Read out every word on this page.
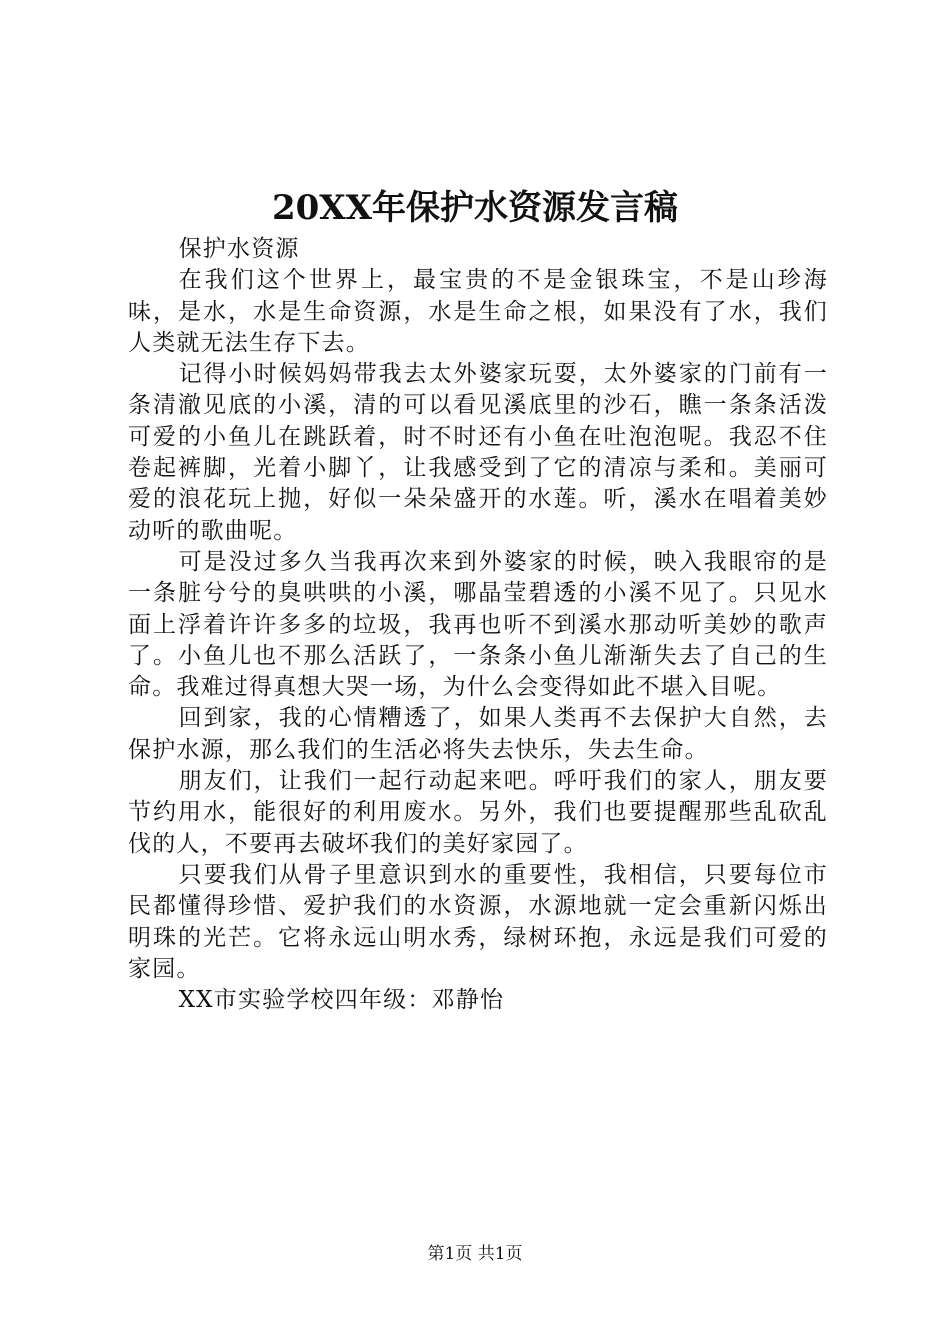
20XX年保护水资源发言稿

保护水资源

在我们这个世界上，最宝贵的不是金银珠宝，不是山珍海味，是水，水是生命资源，水是生命之根，如果没有了水，我们人类就无法生存下去。

记得小时候妈妈带我去太外婆家玩耍，太外婆家的门前有一条清澈见底的小溪，清的可以看见溪底里的沙石，瞧一条条活泼可爱的小鱼儿在跳跃着，时不时还有小鱼在吐泡泡呢。我忍不住卷起裤脚，光着小脚丫，让我感受到了它的清凉与柔和。美丽可爱的浪花玩上抛，好似一朵朵盛开的水莲。听，溪水在唱着美妙动听的歌曲呢。

可是没过多久当我再次来到外婆家的时候，映入我眼帘的是一条脏兮兮的臭哄哄的小溪，哪晶莹碧透的小溪不见了。只见水面上浮着许许多多的垃圾，我再也听不到溪水那动听美妙的歌声了。小鱼儿也不那么活跃了，一条条小鱼儿渐渐失去了自己的生命。我难过得真想大哭一场，为什么会变得如此不堪入目呢。

回到家，我的心情糟透了，如果人类再不去保护大自然，去保护水源，那么我们的生活必将失去快乐，失去生命。

朋友们，让我们一起行动起来吧。呼吁我们的家人，朋友要节约用水，能很好的利用废水。另外，我们也要提醒那些乱砍乱伐的人，不要再去破坏我们的美好家园了。

只要我们从骨子里意识到水的重要性，我相信，只要每位市民都懂得珍惜、爱护我们的水资源，水源地就一定会重新闪烁出明珠的光芒。它将永远山明水秀，绿树环抱，永远是我们可爱的家园。

XX市实验学校四年级：邓静怡

第1页 共1页
